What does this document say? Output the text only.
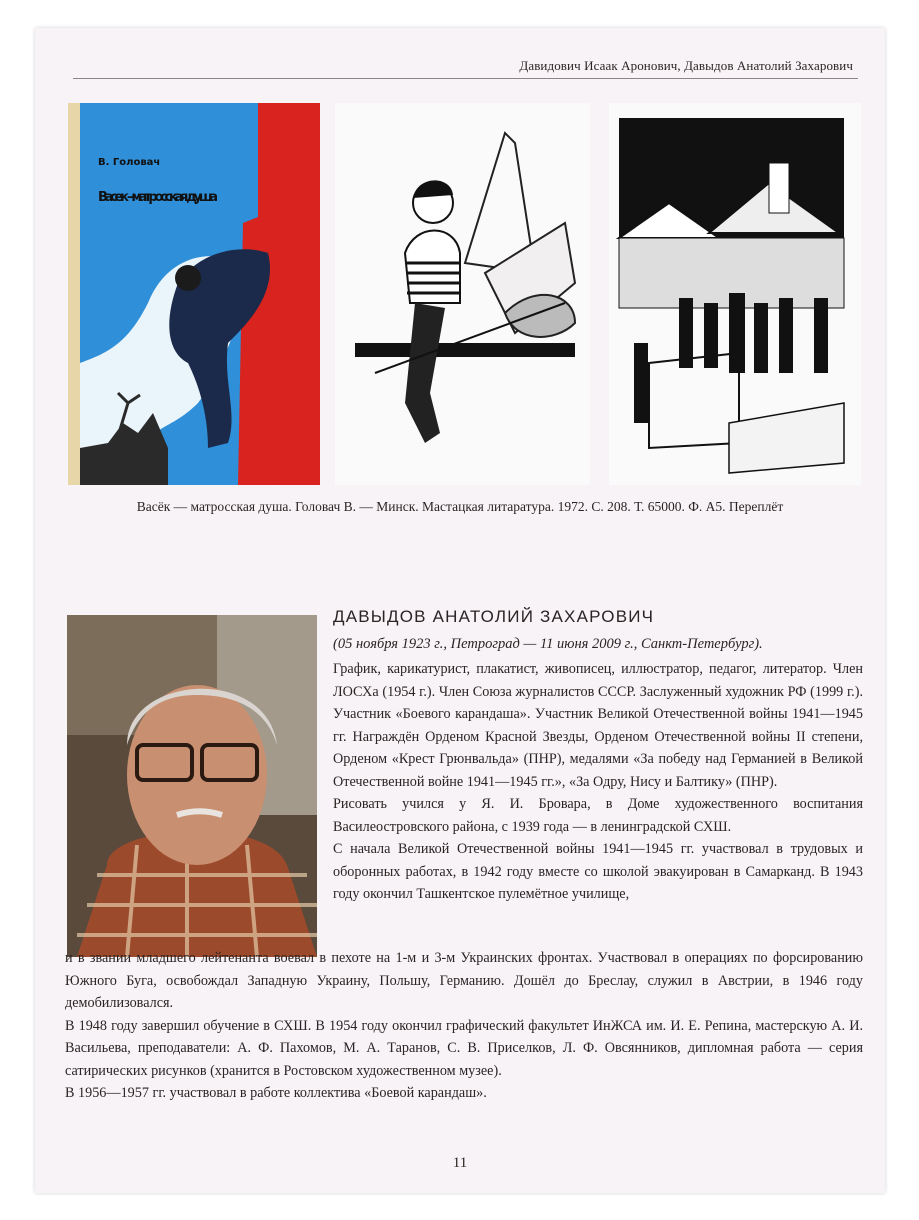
Давидович Исаак Аронович, Давыдов Анатолий Захарович
В. Головач
Васек – матросская душа
Васёк — матросская душа. Головач В. — Минск. Мастацкая литаратура. 1972. С. 208. Т. 65000. Ф. А5. Переплёт
ДАВЫДОВ АНАТОЛИЙ ЗАХАРОВИЧ
(05 ноября 1923 г., Петроград — 11 июня 2009 г., Санкт-Петербург).

График, карикатурист, плакатист, живописец, иллюстратор, педагог, литератор. Член ЛОСХа (1954 г.). Член Союза журналистов СССР. Заслуженный художник РФ (1999 г.). Участник «Боевого карандаша». Участник Великой Отечественной войны 1941—1945 гг. Награждён Орденом Красной Звезды, Орденом Отечественной войны II степени, Орденом «Крест Грюнвальда» (ПНР), медалями «За победу над Германией в Великой Отечественной войне 1941—1945 гг.», «За Одру, Нису и Балтику» (ПНР).

Рисовать учился у Я. И. Бровара, в Доме художественного воспитания Василеостровского района, с 1939 года — в ленинградской СХШ.

С начала Великой Отечественной войны 1941—1945 гг. участвовал в трудовых и оборонных работах, в 1942 году вместе со школой эвакуирован в Самарканд. В 1943 году окончил Ташкентское пулемётное училище,

и в звании младшего лейтенанта воевал в пехоте на 1-м и 3-м Украинских фронтах. Участвовал в операциях по форсированию Южного Буга, освобождал Западную Украину, Польшу, Германию. Дошёл до Бреслау, служил в Австрии, в 1946 году демобилизовался.

В 1948 году завершил обучение в СХШ. В 1954 году окончил графический факультет ИнЖСА им. И. Е. Репина, мастерскую А. И. Васильева, преподаватели: А. Ф. Пахомов, М. А. Таранов, С. В. Приселков, Л. Ф. Овсянников, дипломная работа — серия сатирических рисунков (хранится в Ростовском художественном музее).

В 1956—1957 гг. участвовал в работе коллектива «Боевой карандаш».

11
